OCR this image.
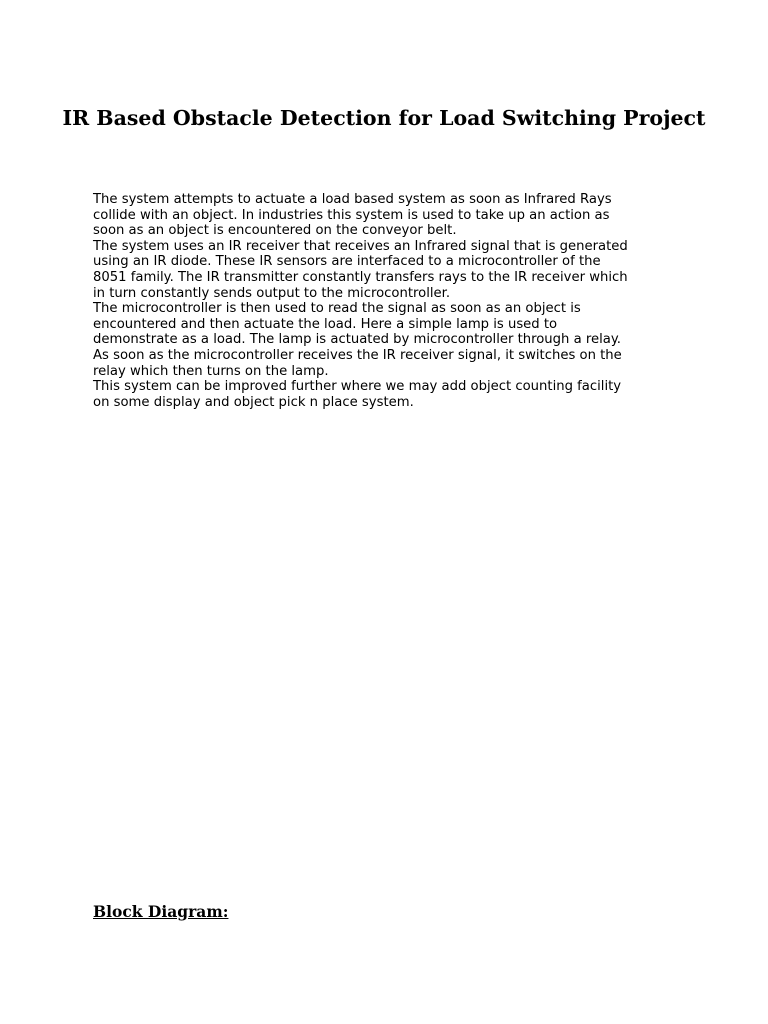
IR Based Obstacle Detection for Load Switching Project
The system attempts to actuate a load based system as soon as Infrared Rays
collide with an object. In industries this system is used to take up an action as
soon as an object is encountered on the conveyor belt.
The system uses an IR receiver that receives an Infrared signal that is generated
using an IR diode. These IR sensors are interfaced to a microcontroller of the
8051 family. The IR transmitter constantly transfers rays to the IR receiver which
in turn constantly sends output to the microcontroller.
The microcontroller is then used to read the signal as soon as an object is
encountered and then actuate the load. Here a simple lamp is used to
demonstrate as a load. The lamp is actuated by microcontroller through a relay.
As soon as the microcontroller receives the IR receiver signal, it switches on the
relay which then turns on the lamp.
This system can be improved further where we may add object counting facility
on some display and object pick n place system.
Block Diagram:
